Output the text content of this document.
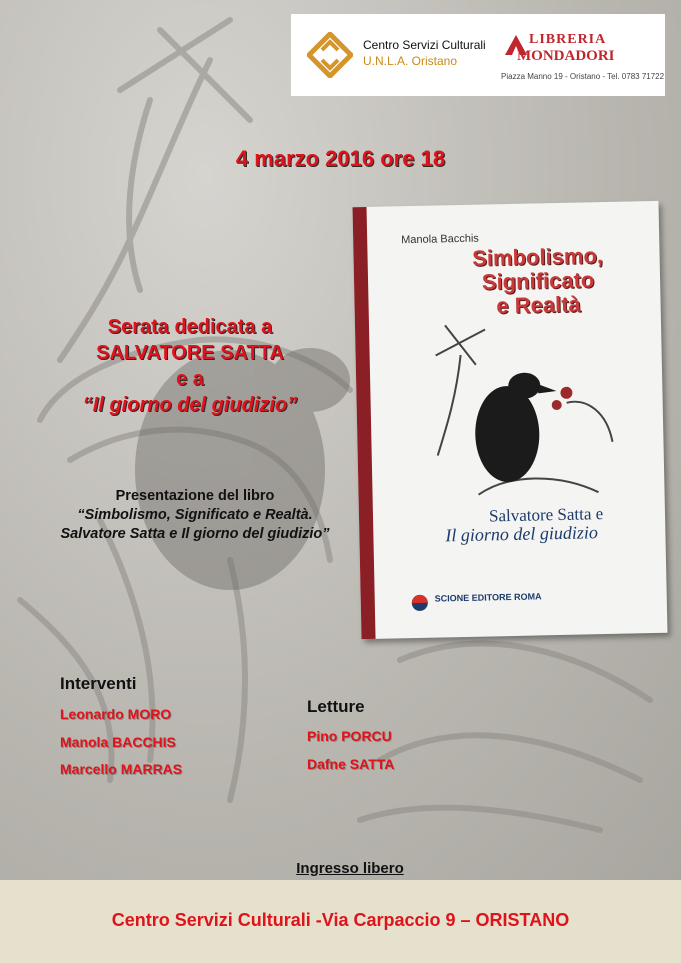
Centro Servizi Culturali
U.N.L.A. Oristano
LIBRERIA
MONDADORI
Piazza Manno 19 - Oristano - Tel. 0783 71722
4 marzo 2016 ore 18
Serata dedicata a
SALVATORE SATTA
e a
“Il giorno del giudizio”
Presentazione del libro
“Simbolismo, Significato e Realtà.
Salvatore Satta e Il giorno del giudizio”
Manola Bacchis
Simbolismo,
Significato
e Realtà
Salvatore Satta e
Il giorno del giudizio
SCIONE EDITORE ROMA
Interventi
Leonardo MORO
Manola BACCHIS
Marcello MARRAS
Letture
Pino PORCU
Dafne SATTA
Ingresso libero
Centro Servizi Culturali -Via Carpaccio 9 – ORISTANO
